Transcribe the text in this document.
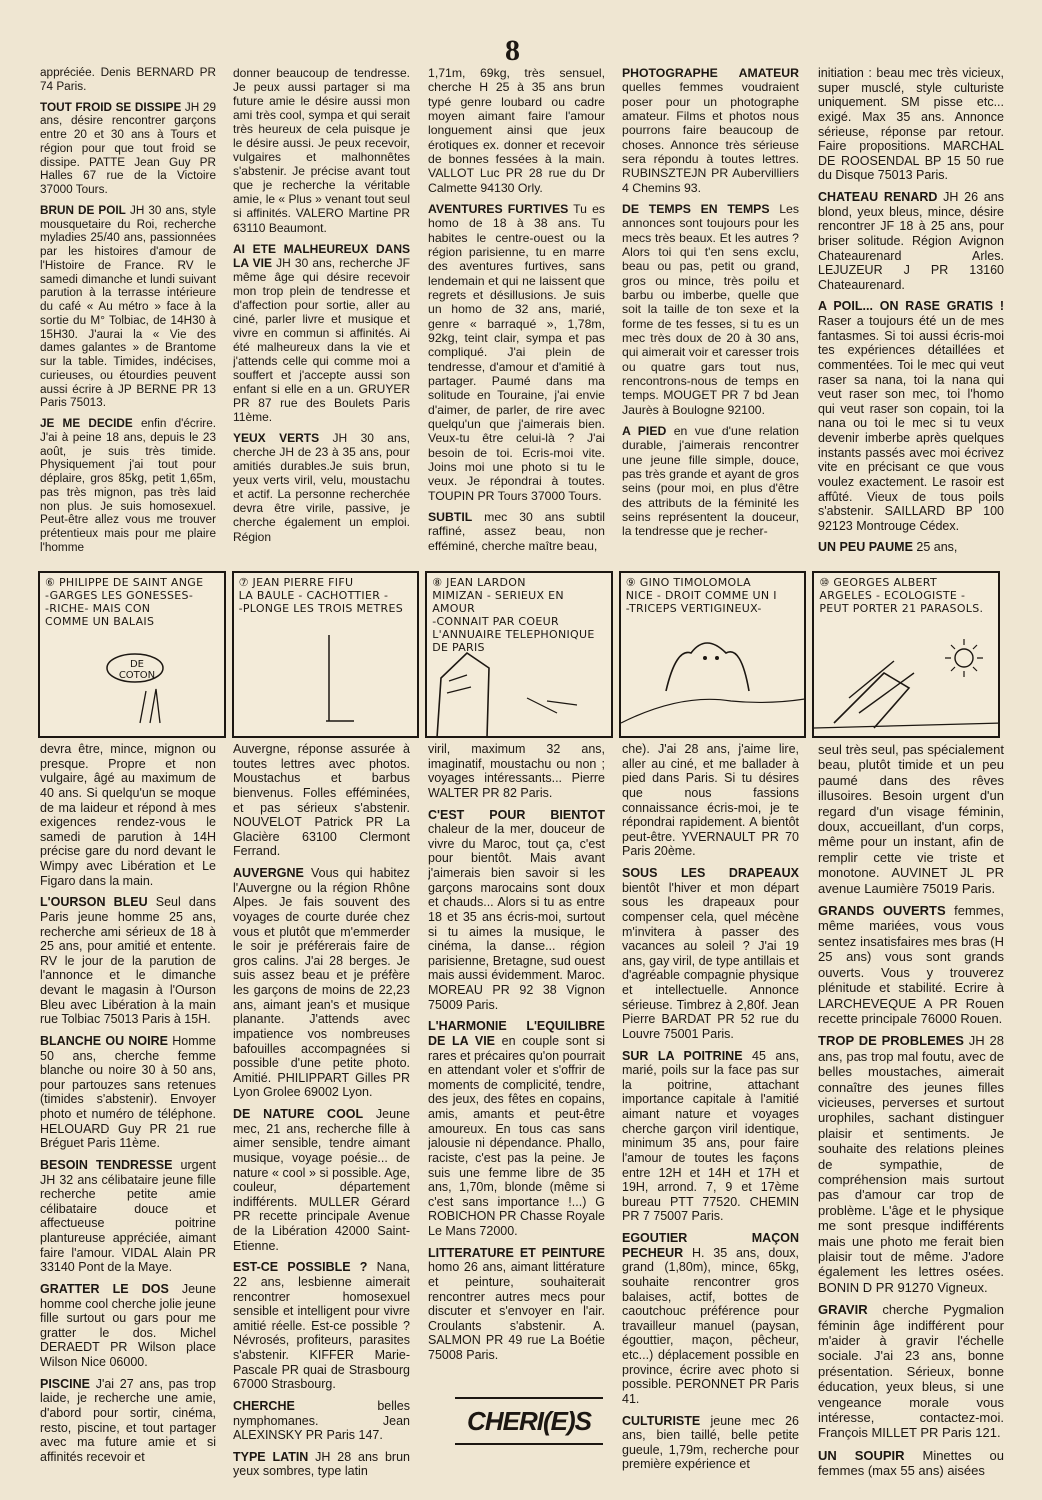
8

appréciée. Denis BERNARD PR 74 Paris.

TOUT FROID SE DISSIPE JH 29 ans, désire rencontrer garçons entre 20 et 30 ans à Tours et région pour que tout froid se dissipe. PATTE Jean Guy PR Halles 67 rue de la Victoire 37000 Tours.

BRUN DE POIL JH 30 ans, style mousquetaire du Roi, recherche myladies 25/40 ans, passionnées par les histoires d'amour de l'Histoire de France. RV le samedi dimanche et lundi suivant parution à la terrasse intérieure du café « Au métro » face à la sortie du M° Tolbiac, de 14H30 à 15H30. J'aurai la « Vie des dames galantes » de Brantome sur la table. Timides, indécises, curieuses, ou étourdies peuvent aussi écrire à JP BERNE PR 13 Paris 75013.

JE ME DECIDE enfin d'écrire. J'ai à peine 18 ans, depuis le 23 août, je suis très timide. Physiquement j'ai tout pour déplaire, gros 85kg, petit 1,65m, pas très mignon, pas très laid non plus. Je suis homosexuel. Peut-être allez vous me trouver prétentieux mais pour me plaire l'homme

donner beaucoup de tendresse. Je peux aussi partager si ma future amie le désire aussi mon ami très cool, sympa et qui serait très heureux de cela puisque je le désire aussi. Je peux recevoir, vulgaires et malhonnêtes s'abstenir. Je précise avant tout que je recherche la véritable amie, le « Plus » venant tout seul si affinités. VALERO Martine PR 63110 Beaumont.

AI ETE MALHEUREUX DANS LA VIE JH 30 ans, recherche JF même âge qui désire recevoir mon trop plein de tendresse et d'affection pour sortie, aller au ciné, parler livre et musique et vivre en commun si affinités. Ai été malheureux dans la vie et j'attends celle qui comme moi a souffert et j'accepte aussi son enfant si elle en a un. GRUYER PR 87 rue des Boulets Paris 11ème.

YEUX VERTS JH 30 ans, cherche JH de 23 à 35 ans, pour amitiés durables.Je suis brun, yeux verts viril, velu, moustachu et actif. La personne recherchée devra être virile, passive, je cherche également un emploi. Région

1,71m, 69kg, très sensuel, cherche H 25 à 35 ans brun typé genre loubard ou cadre moyen aimant faire l'amour longuement ainsi que jeux érotiques ex. donner et recevoir de bonnes fessées à la main. VALLOT Luc PR 28 rue du Dr Calmette 94130 Orly.

AVENTURES FURTIVES Tu es homo de 18 à 38 ans. Tu habites le centre-ouest ou la région parisienne, tu en marre des aventures furtives, sans lendemain et qui ne laissent que regrets et désillusions. Je suis un homo de 32 ans, marié, genre « barraqué », 1,78m, 92kg, teint clair, sympa et pas compliqué. J'ai plein de tendresse, d'amour et d'amitié à partager. Paumé dans ma solitude en Touraine, j'ai envie d'aimer, de parler, de rire avec quelqu'un que j'aimerais bien. Veux-tu être celui-là ? J'ai besoin de toi. Ecris-moi vite. Joins moi une photo si tu le veux. Je répondrai à toutes. TOUPIN PR Tours 37000 Tours.

SUBTIL mec 30 ans subtil raffiné, assez beau, non efféminé, cherche maître beau,

PHOTOGRAPHE AMATEUR quelles femmes voudraient poser pour un photographe amateur. Films et photos nous pourrons faire beaucoup de choses. Annonce très sérieuse sera répondu à toutes lettres. RUBINSZTEJN PR Aubervilliers 4 Chemins 93.

DE TEMPS EN TEMPS Les annonces sont toujours pour les mecs très beaux. Et les autres ? Alors toi qui t'en sens exclu, beau ou pas, petit ou grand, gros ou mince, très poilu et barbu ou imberbe, quelle que soit la taille de ton sexe et la forme de tes fesses, si tu es un mec très doux de 20 à 30 ans, qui aimerait voir et caresser trois ou quatre gars tout nus, rencontrons-nous de temps en temps. MOUGET PR 7 bd Jean Jaurès à Boulogne 92100.

A PIED en vue d'une relation durable, j'aimerais rencontrer une jeune fille simple, douce, pas très grande et ayant de gros seins (pour moi, en plus d'être des attributs de la féminité les seins représentent la douceur, la tendresse que je recher-

initiation : beau mec très vicieux, super musclé, style culturiste uniquement. SM pisse etc... exigé. Max 35 ans. Annonce sérieuse, réponse par retour. Faire propositions. MARCHAL DE ROOSENDAL BP 15 50 rue du Disque 75013 Paris.

CHATEAU RENARD JH 26 ans blond, yeux bleus, mince, désire rencontrer JF 18 à 25 ans, pour briser solitude. Région Avignon Chateaurenard Arles. LEJUZEUR J PR 13160 Chateaurenard.

A POIL... ON RASE GRATIS ! Raser a toujours été un de mes fantasmes. Si toi aussi écris-moi tes expériences détaillées et commentées. Toi le mec qui veut raser sa nana, toi la nana qui veut raser son mec, toi l'homo qui veut raser son copain, toi la nana ou toi le mec si tu veux devenir imberbe après quelques instants passés avec moi écrivez vite en précisant ce que vous voulez exactement. Le rasoir est affûté. Vieux de tous poils s'abstenir. SAILLARD BP 100 92123 Montrouge Cédex.

UN PEU PAUME 25 ans,

⑥ PHILIPPE DE SAINT ANGE
-GARGES LES GONESSES-
-RICHE- MAIS CON
COMME UN BALAIS
DE COTON
⑦ JEAN PIERRE FIFU
LA BAULE - CACHOTTIER -
-PLONGE LES TROIS METRES
⑧ JEAN LARDON
MIMIZAN - SERIEUX EN AMOUR
-CONNAIT PAR COEUR
L'ANNUAIRE TELEPHONIQUE
DE PARIS
⑨ GINO TIMOLOMOLA
NICE - DROIT COMME UN I
-TRICEPS VERTIGINEUX-
⑩ GEORGES ALBERT
ARGELES - ECOLOGISTE -
PEUT PORTER 21 PARASOLS.

devra être, mince, mignon ou presque. Propre et non vulgaire, âgé au maximum de 40 ans. Si quelqu'un se moque de ma laideur et répond à mes exigences rendez-vous le samedi de parution à 14H précise gare du nord devant le Wimpy avec Libération et Le Figaro dans la main.

L'OURSON BLEU Seul dans Paris jeune homme 25 ans, recherche ami sérieux de 18 à 25 ans, pour amitié et entente. RV le jour de la parution de l'annonce et le dimanche devant le magasin à l'Ourson Bleu avec Libération à la main rue Tolbiac 75013 Paris à 15H.

BLANCHE OU NOIRE Homme 50 ans, cherche femme blanche ou noire 30 à 50 ans, pour partouzes sans retenues (timides s'abstenir). Envoyer photo et numéro de téléphone. HELOUARD Guy PR 21 rue Bréguet Paris 11ème.

BESOIN TENDRESSE urgent JH 32 ans célibataire jeune fille recherche petite amie célibataire douce et affectueuse poitrine plantureuse appréciée, aimant faire l'amour. VIDAL Alain PR 33140 Pont de la Maye.

GRATTER LE DOS Jeune homme cool cherche jolie jeune fille surtout ou gars pour me gratter le dos. Michel DERAEDT PR Wilson place Wilson Nice 06000.

PISCINE J'ai 27 ans, pas trop laide, je recherche une amie, d'abord pour sortir, cinéma, resto, piscine, et tout partager avec ma future amie et si affinités recevoir et

Auvergne, réponse assurée à toutes lettres avec photos. Moustachus et barbus bienvenus. Folles efféminées, et pas sérieux s'abstenir. NOUVELOT Patrick PR La Glacière 63100 Clermont Ferrand.

AUVERGNE Vous qui habitez l'Auvergne ou la région Rhône Alpes. Je fais souvent des voyages de courte durée chez vous et plutôt que m'emmerder le soir je préférerais faire de gros calins. J'ai 28 berges. Je suis assez beau et je préfère les garçons de moins de 22,23 ans, aimant jean's et musique planante. J'attends avec impatience vos nombreuses bafouilles accompagnées si possible d'une petite photo. Amitié. PHILIPPART Gilles PR Lyon Grolee 69002 Lyon.

DE NATURE COOL Jeune mec, 21 ans, recherche fille à aimer sensible, tendre aimant musique, voyage poésie... de nature « cool » si possible. Age, couleur, département indifférents. MULLER Gérard PR recette principale Avenue de la Libération 42000 Saint-Etienne.

EST-CE POSSIBLE ? Nana, 22 ans, lesbienne aimerait rencontrer homosexuel sensible et intelligent pour vivre amitié réelle. Est-ce possible ? Névrosés, profiteurs, parasites s'abstenir. KIFFER Marie-Pascale PR quai de Strasbourg 67000 Strasbourg.

CHERCHE	belles nymphomanes. Jean ALEXINSKY PR Paris 147.

TYPE LATIN JH 28 ans brun yeux sombres, type latin

viril, maximum 32 ans, imaginatif, moustachu ou non ; voyages intéressants... Pierre WALTER PR 82 Paris.

C'EST POUR BIENTOT chaleur de la mer, douceur de vivre du Maroc, tout ça, c'est pour bientôt. Mais avant j'aimerais bien savoir si les garçons marocains sont doux et chauds... Alors si tu as entre 18 et 35 ans écris-moi, surtout si tu aimes la musique, le cinéma, la danse... région parisienne, Bretagne, sud ouest mais aussi évidemment. Maroc. MOREAU PR 92 38 Vignon 75009 Paris.

L'HARMONIE L'EQUILIBRE DE LA VIE en couple sont si rares et précaires qu'on pourrait en attendant voler et s'offrir de moments de complicité, tendre, des jeux, des fêtes en copains, amis, amants et peut-être amoureux. En tous cas sans jalousie ni dépendance. Phallo, raciste, c'est pas la peine. Je suis une femme libre de 35 ans, 1,70m, blonde (même si c'est sans importance !...) G ROBICHON PR Chasse Royale Le Mans 72000.

LITTERATURE ET PEINTURE homo 26 ans, aimant littérature et peinture, souhaiterait rencontrer autres mecs pour discuter et s'envoyer en l'air. Croulants s'abstenir. A. SALMON PR 49 rue La Boétie 75008 Paris.

che). J'ai 28 ans, j'aime lire, aller au ciné, et me ballader à pied dans Paris. Si tu désires que nous fassions connaissance écris-moi, je te répondrai rapidement. A bientôt peut-être. YVERNAULT PR 70 Paris 20ème.

SOUS LES DRAPEAUX bientôt l'hiver et mon départ sous les drapeaux pour compenser cela, quel mécène m'invitera à passer des vacances au soleil ? J'ai 19 ans, gay viril, de type antillais et d'agréable compagnie physique et intellectuelle. Annonce sérieuse. Timbrez à 2,80f. Jean Pierre BARDAT PR 52 rue du Louvre 75001 Paris.

SUR LA POITRINE 45 ans, marié, poils sur la face pas sur la poitrine, attachant importance capitale à l'amitié aimant nature et voyages cherche garçon viril identique, minimum 35 ans, pour faire l'amour de toutes les façons entre 12H et 14H et 17H et 19H, arrond. 7, 9 et 17ème bureau PTT 77520. CHEMIN PR 7 75007 Paris.

EGOUTIER MAÇON PECHEUR H. 35 ans, doux, grand (1,80m), mince, 65kg, souhaite rencontrer gros balaises, actif, bottes de caoutchouc préférence pour travailleur manuel (paysan, égouttier, maçon, pêcheur, etc...) déplacement possible en province, écrire avec photo si possible. PERONNET PR Paris 41.

CULTURISTE jeune mec 26 ans, bien taillé, belle petite gueule, 1,79m, recherche pour première expérience et

seul très seul, pas spécialement beau, plutôt timide et un peu paumé dans des rêves illusoires. Besoin urgent d'un regard d'un visage féminin, doux, accueillant, d'un corps, même pour un instant, afin de remplir cette vie triste et monotone. AUVINET JL PR avenue Laumière 75019 Paris.

GRANDS OUVERTS femmes, même mariées, vous vous sentez insatisfaires mes bras (H 25 ans) vous sont grands ouverts. Vous y trouverez plénitude et stabilité. Ecrire à LARCHEVEQUE A PR Rouen recette principale 76000 Rouen.

TROP DE PROBLEMES JH 28 ans, pas trop mal foutu, avec de belles moustaches, aimerait connaître des jeunes filles vicieuses, perverses et surtout urophiles, sachant distinguer plaisir et sentiments. Je souhaite des relations pleines de sympathie, de compréhension mais surtout pas d'amour car trop de problème. L'âge et le physique me sont presque indifférents mais une photo me ferait bien plaisir tout de même. J'adore également les lettres osées. BONIN D PR 91270 Vigneux.

GRAVIR cherche Pygmalion féminin âge indifférent pour m'aider à gravir l'échelle sociale. J'ai 23 ans, bonne présentation. Sérieux, bonne éducation, yeux bleus, si une vengeance morale vous intéresse, contactez-moi. François MILLET PR Paris 121.

UN SOUPIR Minettes ou femmes (max 55 ans) aisées

CHERI(E)S
